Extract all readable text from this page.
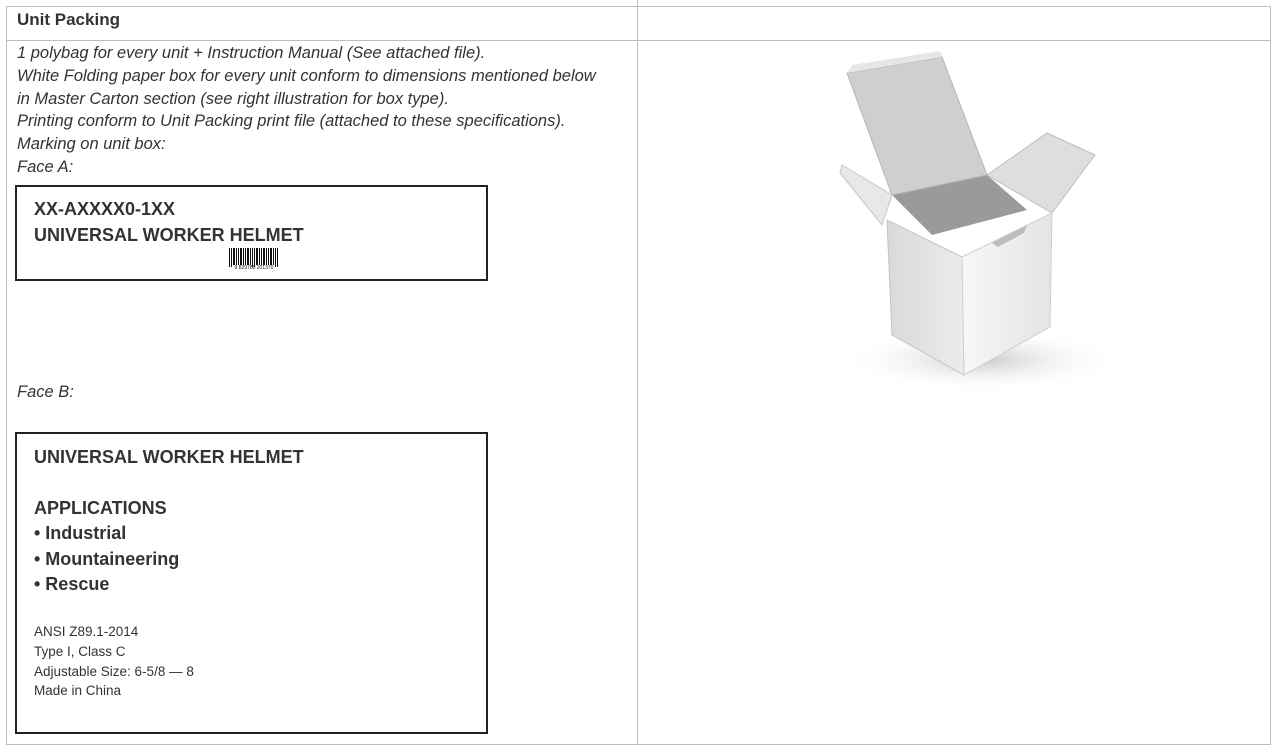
Unit Packing
1 polybag for every unit + Instruction Manual (See attached file).
White Folding paper box for every unit conform to dimensions mentioned below
in Master Carton section (see right illustration for box type).
Printing conform to Unit Packing print file (attached to these specifications).
Marking on unit box:
Face A:
XX-AXXXX0-1XX
UNIVERSAL WORKER HELMET
9 829780 201370
Face B:
UNIVERSAL WORKER HELMET
APPLICATIONS
• Industrial
• Mountaineering
• Rescue
ANSI Z89.1-2014
Type I, Class C
Adjustable Size: 6-5/8 — 8
Made in China
